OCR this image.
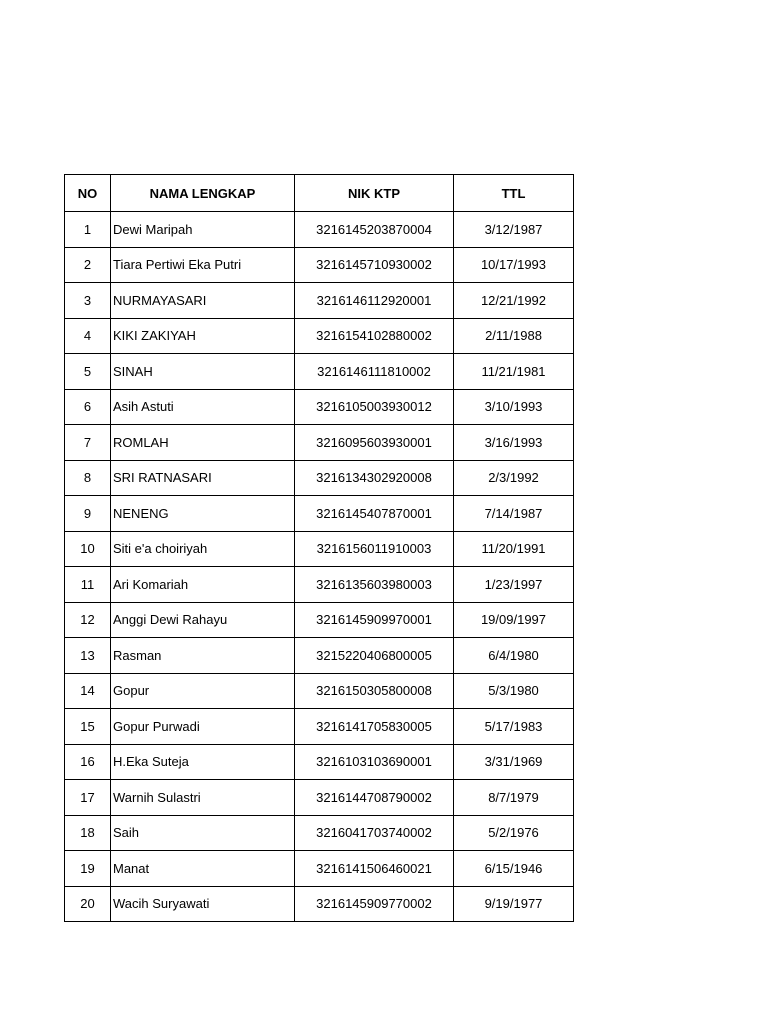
NO	NAMA LENGKAP	NIK KTP	TTL
1	Dewi Maripah	3216145203870004	3/12/1987
2	Tiara Pertiwi Eka Putri	3216145710930002	10/17/1993
3	NURMAYASARI	3216146112920001	12/21/1992
4	KIKI ZAKIYAH	3216154102880002	2/11/1988
5	SINAH	3216146111810002	11/21/1981
6	Asih Astuti	3216105003930012	3/10/1993
7	ROMLAH	3216095603930001	3/16/1993
8	SRI RATNASARI	3216134302920008	2/3/1992
9	NENENG	3216145407870001	7/14/1987
10	Siti e'a choiriyah	3216156011910003	11/20/1991
11	Ari Komariah	3216135603980003	1/23/1997
12	Anggi Dewi Rahayu	3216145909970001	19/09/1997
13	Rasman	3215220406800005	6/4/1980
14	Gopur	3216150305800008	5/3/1980
15	Gopur Purwadi	3216141705830005	5/17/1983
16	H.Eka Suteja	3216103103690001	3/31/1969
17	Warnih Sulastri	3216144708790002	8/7/1979
18	Saih	3216041703740002	5/2/1976
19	Manat	3216141506460021	6/15/1946
20	Wacih Suryawati	3216145909770002	9/19/1977
